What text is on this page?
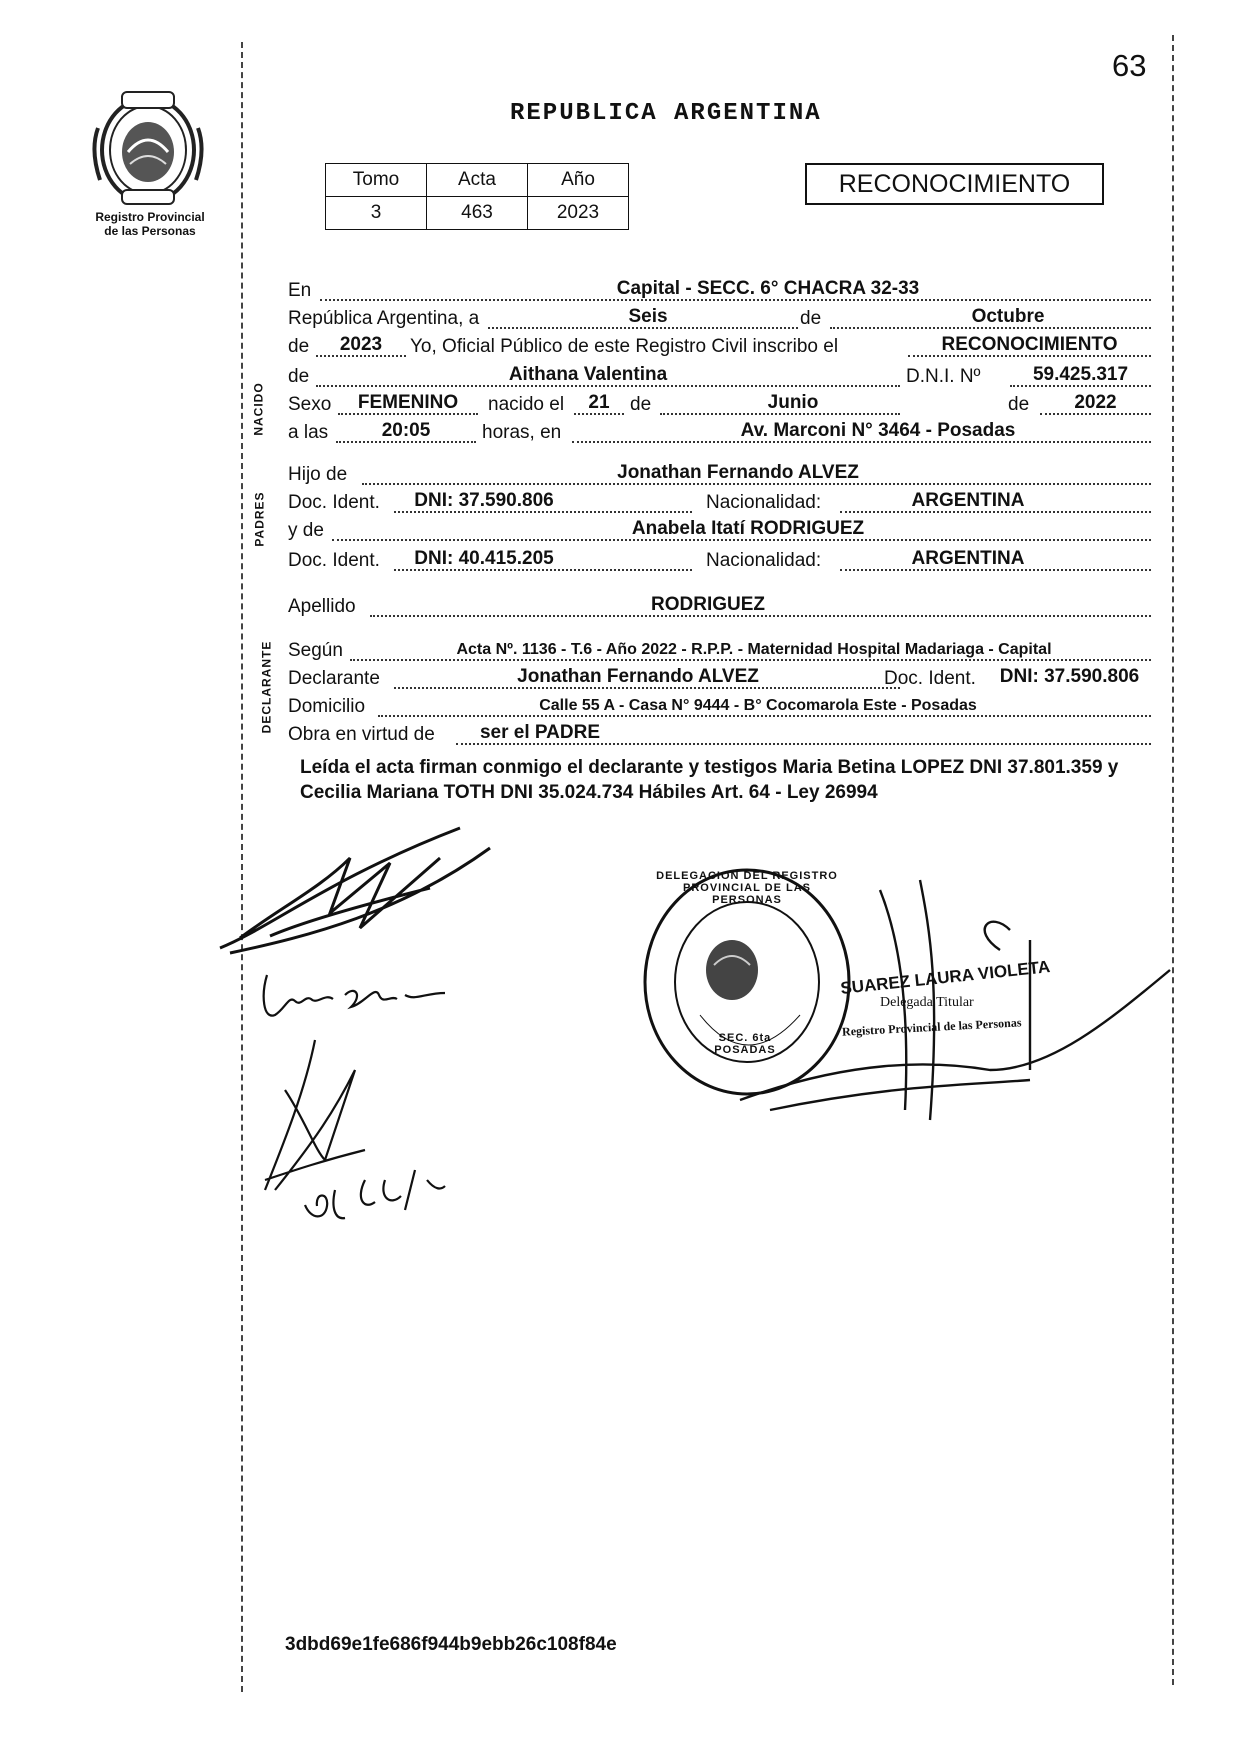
63
Registro Provincial
de las Personas
REPUBLICA ARGENTINA
Tomo	Acta	Año
3	463	2023
RECONOCIMIENTO
NACIDO
PADRES
DECLARANTE
En	Capital - SECC. 6° CHACRA 32-33
República Argentina, a	Seis	de	Octubre
de	2023	Yo, Oficial Público de este Registro Civil inscribo el	RECONOCIMIENTO
de	Aithana Valentina	D.N.I. Nº	59.425.317
Sexo	FEMENINO	nacido el	21	de	Junio	de	2022
a las	20:05	horas, en	Av. Marconi N° 3464 - Posadas
Hijo de	Jonathan Fernando ALVEZ
Doc. Ident.	DNI: 37.590.806	Nacionalidad:	ARGENTINA
y de	Anabela Itatí RODRIGUEZ
Doc. Ident.	DNI: 40.415.205	Nacionalidad:	ARGENTINA
Apellido	RODRIGUEZ
Según	Acta Nº. 1136 - T.6 - Año 2022 - R.P.P. - Maternidad Hospital Madariaga - Capital
Declarante	Jonathan Fernando ALVEZ	Doc. Ident.	DNI: 37.590.806
Domicilio	Calle 55 A - Casa N° 9444 - B° Cocomarola Este - Posadas
Obra en virtud de	ser el PADRE
Leída el acta firman conmigo el declarante y testigos Maria Betina LOPEZ DNI 37.801.359 y Cecilia Mariana TOTH DNI 35.024.734 Hábiles Art. 64 - Ley 26994
DELEGACION DEL REGISTRO PROVINCIAL DE LAS PERSONAS
SEC. 6ta POSADAS
SUAREZ LAURA VIOLETA
Delegada Titular
Registro Provincial de las Personas
3dbd69e1fe686f944b9ebb26c108f84e
